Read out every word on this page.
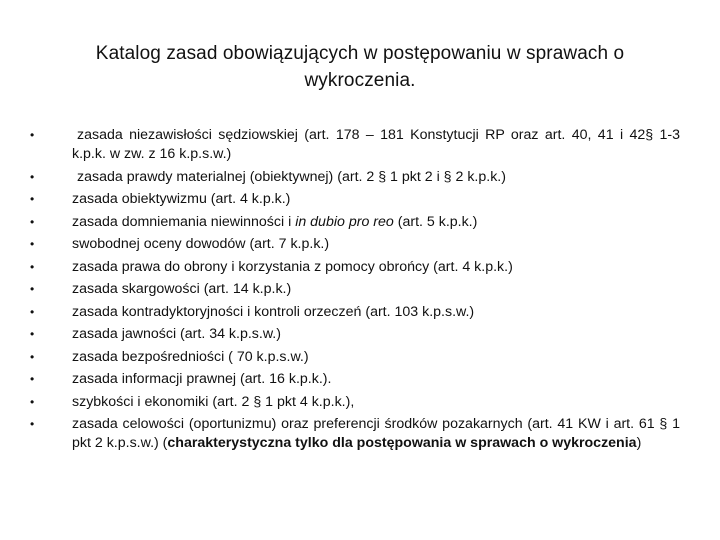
Katalog zasad obowiązujących w postępowaniu w sprawach o wykroczenia.
•	zasada niezawisłości sędziowskiej (art. 178 – 181 Konstytucji RP oraz art. 40, 41 i 42§ 1-3 k.p.k. w zw. z 16 k.p.s.w.)
•	zasada prawdy materialnej (obiektywnej) (art. 2 § 1 pkt 2 i § 2 k.p.k.)
•	zasada obiektywizmu (art. 4 k.p.k.)
•	zasada domniemania niewinności i in dubio pro reo (art. 5 k.p.k.)
•	swobodnej oceny dowodów (art. 7 k.p.k.)
•	zasada prawa do obrony i korzystania z pomocy obrońcy (art. 4 k.p.k.)
•	zasada skargowości (art. 14 k.p.k.)
•	zasada kontradyktoryjności i kontroli orzeczeń (art. 103 k.p.s.w.)
•	zasada jawności (art. 34 k.p.s.w.)
•	zasada bezpośredniości ( 70 k.p.s.w.)
•	zasada informacji prawnej (art. 16 k.p.k.).
•	szybkości i ekonomiki (art. 2 § 1 pkt 4 k.p.k.),
•	zasada celowości (oportunizmu) oraz preferencji środków pozakarnych (art. 41 KW i art. 61 § 1 pkt 2 k.p.s.w.) (charakterystyczna tylko dla postępowania w sprawach o wykroczenia)
